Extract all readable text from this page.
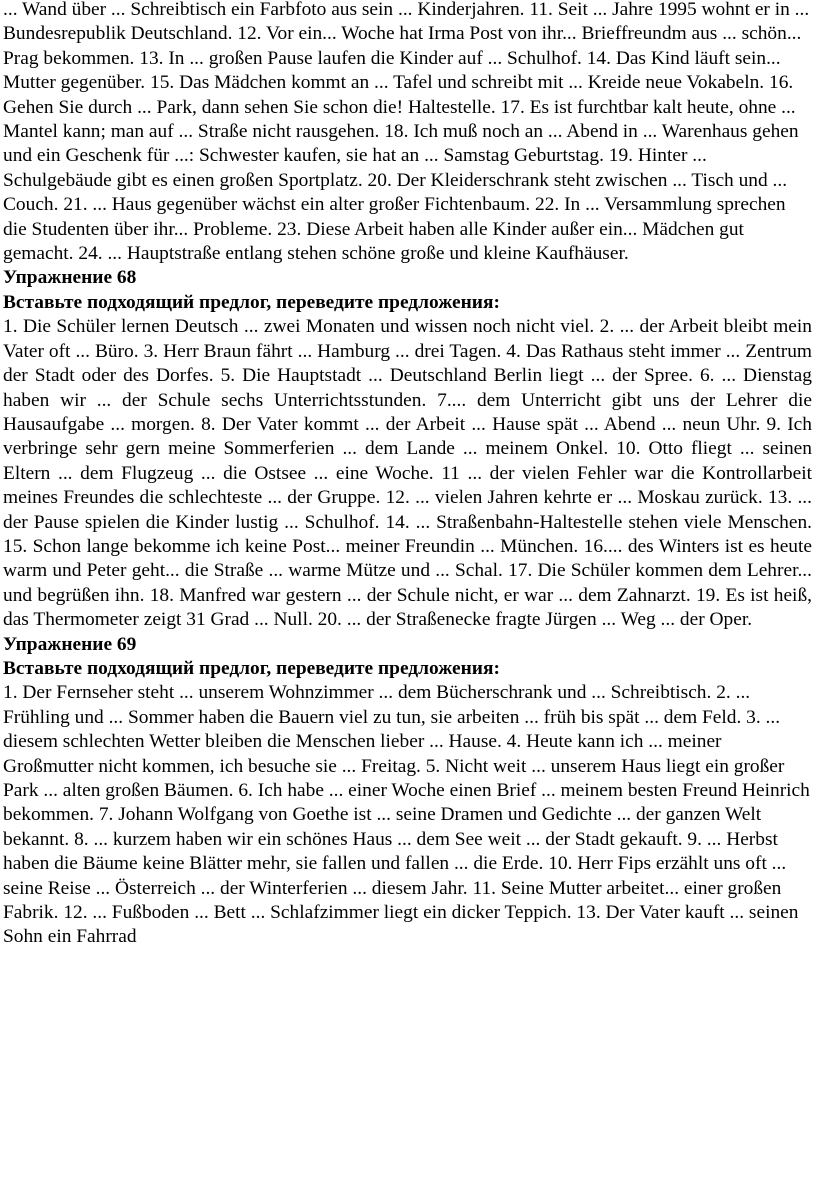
... Wand über ... Schreibtisch ein Farbfoto aus sein ... Kinderjahren. 11. Seit ... Jahre 1995 wohnt er in ... Bundesrepublik Deutschland. 12. Vor ein... Woche hat Irma Post von ihr... Brieffreundm aus ... schön... Prag bekommen. 13. In ... großen Pause laufen die Kinder auf ... Schulhof. 14. Das Kind läuft sein... Mutter gegenüber. 15. Das Mädchen kommt an ... Tafel und schreibt mit ... Kreide neue Vokabeln. 16. Gehen Sie durch ... Park, dann sehen Sie schon die! Haltestelle. 17. Es ist furchtbar kalt heute, ohne ... Mantel kann; man auf ... Straße nicht rausgehen. 18. Ich muß noch an ... Abend in ... Warenhaus gehen und ein Geschenk für ...: Schwester kaufen, sie hat an ... Samstag Geburtstag. 19. Hinter ... Schulgebäude gibt es einen großen Sportplatz. 20. Der Kleiderschrank steht zwischen ... Tisch und ... Couch. 21. ... Haus gegenüber wächst ein alter großer Fichtenbaum. 22. In ... Versammlung sprechen die Studenten über ihr... Probleme. 23. Diese Arbeit haben alle Kinder außer ein... Mädchen gut gemacht. 24. ... Hauptstraße entlang stehen schöne große und kleine Kaufhäuser.

Упражнение 68

Вставьте подходящий предлог, переведите предложения:

1. Die Schüler lernen Deutsch ... zwei Monaten und wissen noch nicht viel. 2. ... der Arbeit bleibt mein Vater oft ... Büro. 3. Herr Braun fährt ... Hamburg ... drei Tagen. 4. Das Rathaus steht immer ... Zentrum der Stadt oder des Dorfes. 5. Die Hauptstadt ... Deutschland Berlin liegt ... der Spree. 6. ... Dienstag haben wir ... der Schule sechs Unterrichtsstunden. 7.... dem Unterricht gibt uns der Lehrer die Hausaufgabe ... morgen. 8. Der Vater kommt ... der Arbeit ... Hause spät ... Abend ... neun Uhr. 9. Ich verbringe sehr gern meine Sommerferien ... dem Lande ... meinem Onkel. 10. Otto fliegt ... seinen Eltern ... dem Flugzeug ... die Ostsee ... eine Woche. 11 ... der vielen Fehler war die Kontrollarbeit meines Freundes die schlechteste ... der Gruppe. 12. ... vielen Jahren kehrte er ... Moskau zurück. 13. ... der Pause spielen die Kinder lustig ... Schulhof. 14. ... Straßenbahn-Haltestelle stehen viele Menschen. 15. Schon lange bekomme ich keine Post... meiner Freundin ... München. 16.... des Winters ist es heute warm und Peter geht... die Straße ... warme Mütze und ... Schal. 17. Die Schüler kommen dem Lehrer... und begrüßen ihn. 18. Manfred war gestern ... der Schule nicht, er war ... dem Zahnarzt. 19. Es ist heiß, das Thermometer zeigt 31 Grad ... Null. 20. ... der Straßenecke fragte Jürgen ... Weg ... der Oper.

Упражнение 69

Вставьте подходящий предлог, переведите предложения:

1. Der Fernseher steht ... unserem Wohnzimmer ... dem Bücherschrank und ... Schreibtisch. 2. ... Frühling und ... Sommer haben die Bauern viel zu tun, sie arbeiten ... früh bis spät ... dem Feld. 3. ... diesem schlechten Wetter bleiben die Menschen lieber ... Hause. 4. Heute kann ich ... meiner Großmutter nicht kommen, ich besuche sie ... Freitag. 5. Nicht weit ... unserem Haus liegt ein großer Park ... alten großen Bäumen. 6. Ich habe ... einer Woche einen Brief ... meinem besten Freund Heinrich bekommen. 7. Johann Wolfgang von Goethe ist ... seine Dramen und Gedichte ... der ganzen Welt bekannt. 8. ... kurzem haben wir ein schönes Haus ... dem See weit ... der Stadt gekauft. 9. ... Herbst haben die Bäume keine Blätter mehr, sie fallen und fallen ... die Erde. 10. Herr Fips erzählt uns oft ... seine Reise ... Österreich ... der Winterferien ... diesem Jahr. 11. Seine Mutter arbeitet... einer großen Fabrik. 12. ... Fußboden ... Bett ... Schlafzimmer liegt ein dicker Teppich. 13. Der Vater kauft ... seinen Sohn ein Fahrrad
